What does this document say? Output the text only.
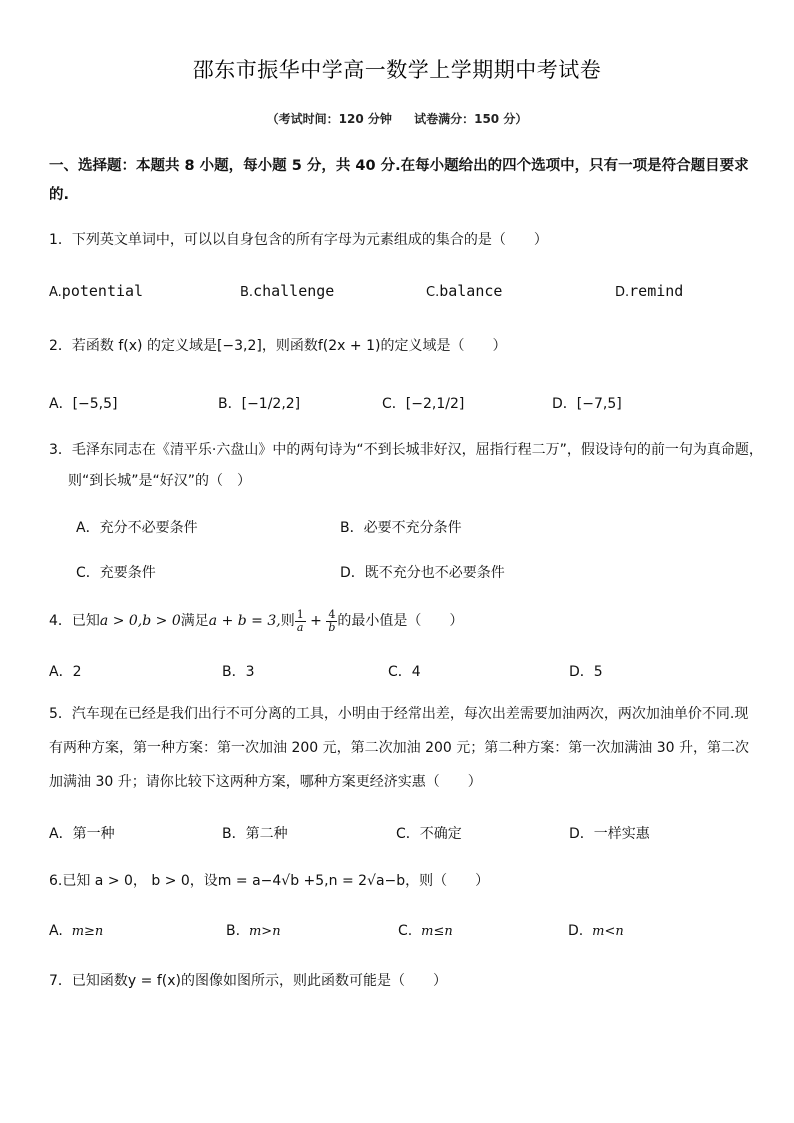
邵东市振华中学高一数学上学期期中考试卷
（考试时间：120 分钟 试卷满分：150 分）
一、选择题：本题共 8 小题，每小题 5 分，共 40 分.在每小题给出的四个选项中，只有一项是符合题目要求的.
1．下列英文单词中，可以以自身包含的所有字母为元素组成的集合的是（　　）
A.potential	B.challenge	C.balance	D.remind
2．若函数 f(x) 的定义域是[−3,2]，则函数f(2x + 1)的定义域是（　　）
A．[−5,5]	B．[−1/2,2]	C．[−2,1/2]	D．[−7,5]
3．毛泽东同志在《清平乐·六盘山》中的两句诗为“不到长城非好汉，屈指行程二万”，假设诗句的前一句为真命题，
则“到长城”是“好汉”的（　）
A．充分不必要条件	B．必要不充分条件
C．充要条件	D．既不充分也不必要条件
4．已知a > 0,b > 0满足a + b = 3,则 $\frac{1}{a} + \frac{4}{b}$ 的最小值是（　　）
A．2	B．3	C．4	D．5
5．汽车现在已经是我们出行不可分离的工具，小明由于经常出差，每次出差需要加油两次，两次加油单价不同.现有两种方案，第一种方案：第一次加油 200 元，第二次加油 200 元；第二种方案：第一次加满油 30 升，第二次加满油 30 升；请你比较下这两种方案，哪种方案更经济实惠（　　）
A．第一种	B．第二种	C．不确定	D．一样实惠
6.已知 a > 0， b > 0，设m = a−4√b +5,n = 2√a−b，则（　　）
A. m≥n	B. m>n	C. m≤n	D. m<n
7．已知函数y = f(x)的图像如图所示，则此函数可能是（　　）
